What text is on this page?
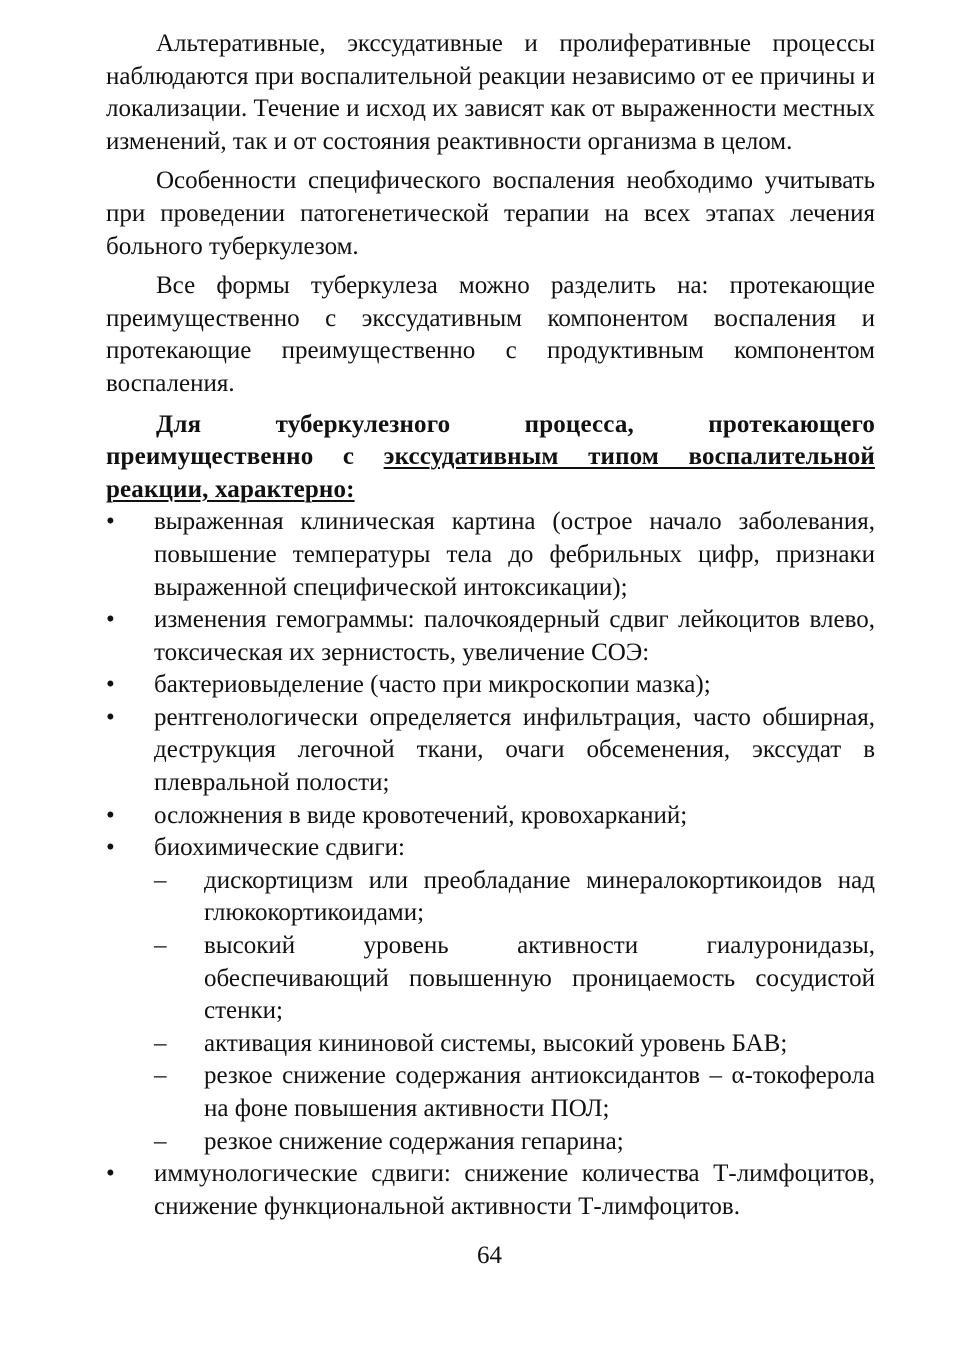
Альтеративные, экссудативные и пролиферативные процессы наблюдаются при воспалительной реакции независимо от ее причины и локализации. Течение и исход их зависят как от выраженности местных изменений, так и от состояния реактивности организма в целом.

Особенности специфического воспаления необходимо учитывать при проведении патогенетической терапии на всех этапах лечения больного туберкулезом.

Все формы туберкулеза можно разделить на: протекающие преимущественно с экссудативным компонентом воспаления и протекающие преимущественно с продуктивным компонентом воспаления.

Для туберкулезного процесса, протекающего преимущественно с экссудативным типом воспалительной реакции, характерно:

•	выраженная клиническая картина (острое начало заболевания, повышение температуры тела до фебрильных цифр, признаки выраженной специфической интоксикации);
•	изменения гемограммы: палочкоядерный сдвиг лейкоцитов влево, токсическая их зернистость, увеличение СОЭ:
•	бактериовыделение (часто при микроскопии мазка);
•	рентгенологически определяется инфильтрация, часто обширная, деструкция легочной ткани, очаги обсеменения, экссудат в плевральной полости;
•	осложнения в виде кровотечений, кровохарканий;
•	биохимические сдвиги:
–	дискортицизм или преобладание минералокортикоидов над глюкокортикоидами;
–	высокий уровень активности гиалуронидазы, обеспечивающий повышенную проницаемость сосудистой стенки;
–	активация кининовой системы, высокий уровень БАВ;
–	резкое снижение содержания антиоксидантов – α-токоферола на фоне повышения активности ПОЛ;
–	резкое снижение содержания гепарина;
•	иммунологические сдвиги: снижение количества Т-лимфоцитов, снижение функциональной активности Т-лимфоцитов.
64
